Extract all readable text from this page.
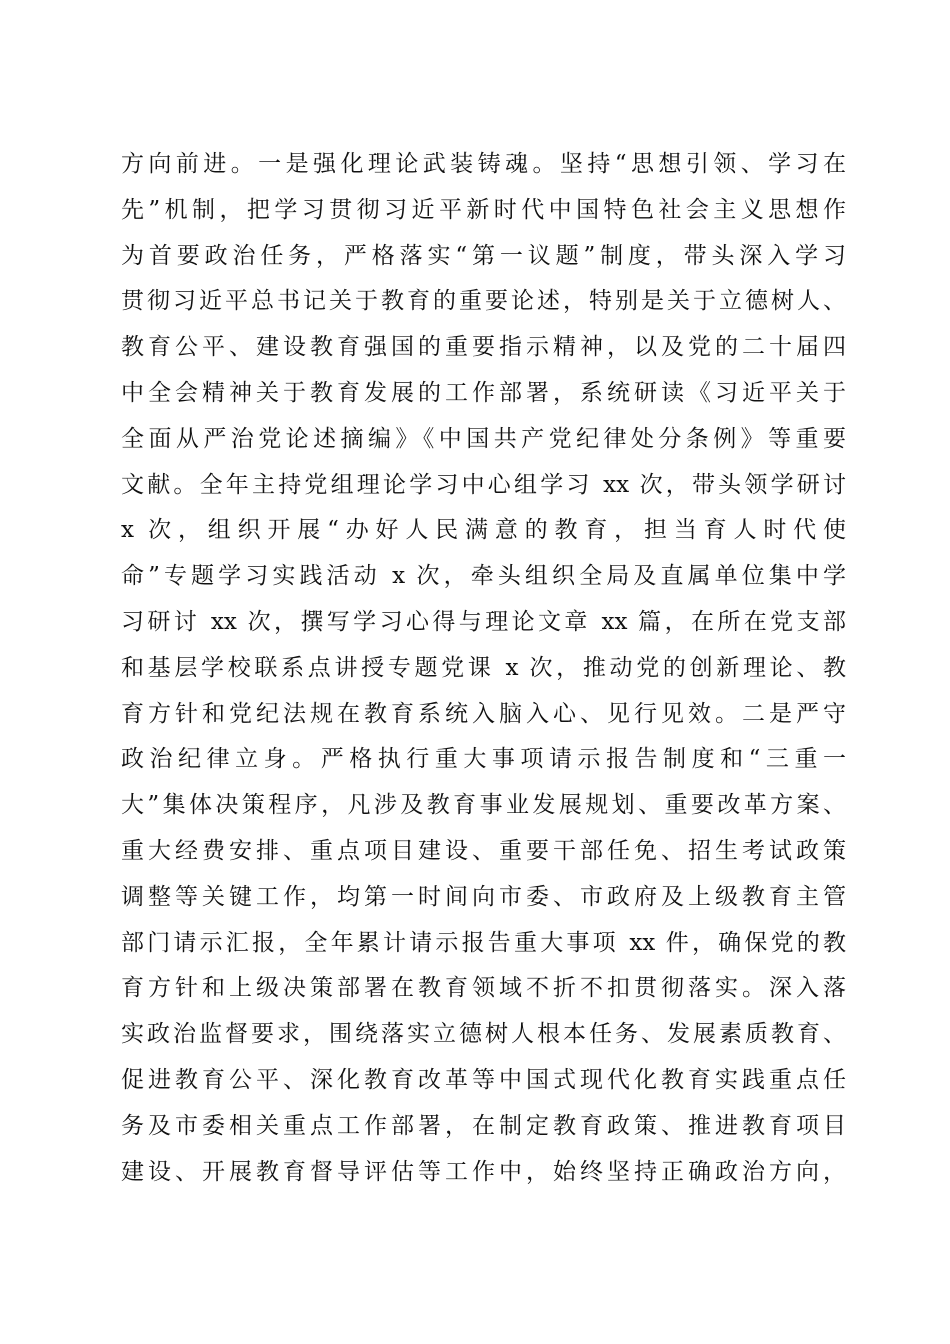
方向前进。一是强化理论武装铸魂。坚持“思想引领、学习在
先”机制，把学习贯彻习近平新时代中国特色社会主义思想作
为首要政治任务，严格落实“第一议题”制度，带头深入学习
贯彻习近平总书记关于教育的重要论述，特别是关于立德树人、
教育公平、建设教育强国的重要指示精神，以及党的二十届四
中全会精神关于教育发展的工作部署，系统研读《习近平关于
全面从严治党论述摘编》《中国共产党纪律处分条例》等重要
文献。全年主持党组理论学习中心组学习 xx 次，带头领学研讨
x 次，组织开展“办好人民满意的教育，担当育人时代使
命”专题学习实践活动 x 次，牵头组织全局及直属单位集中学
习研讨 xx 次，撰写学习心得与理论文章 xx 篇，在所在党支部
和基层学校联系点讲授专题党课 x 次，推动党的创新理论、教
育方针和党纪法规在教育系统入脑入心、见行见效。二是严守
政治纪律立身。严格执行重大事项请示报告制度和“三重一
大”集体决策程序，凡涉及教育事业发展规划、重要改革方案、
重大经费安排、重点项目建设、重要干部任免、招生考试政策
调整等关键工作，均第一时间向市委、市政府及上级教育主管
部门请示汇报，全年累计请示报告重大事项 xx 件，确保党的教
育方针和上级决策部署在教育领域不折不扣贯彻落实。深入落
实政治监督要求，围绕落实立德树人根本任务、发展素质教育、
促进教育公平、深化教育改革等中国式现代化教育实践重点任
务及市委相关重点工作部署，在制定教育政策、推进教育项目
建设、开展教育督导评估等工作中，始终坚持正确政治方向，
